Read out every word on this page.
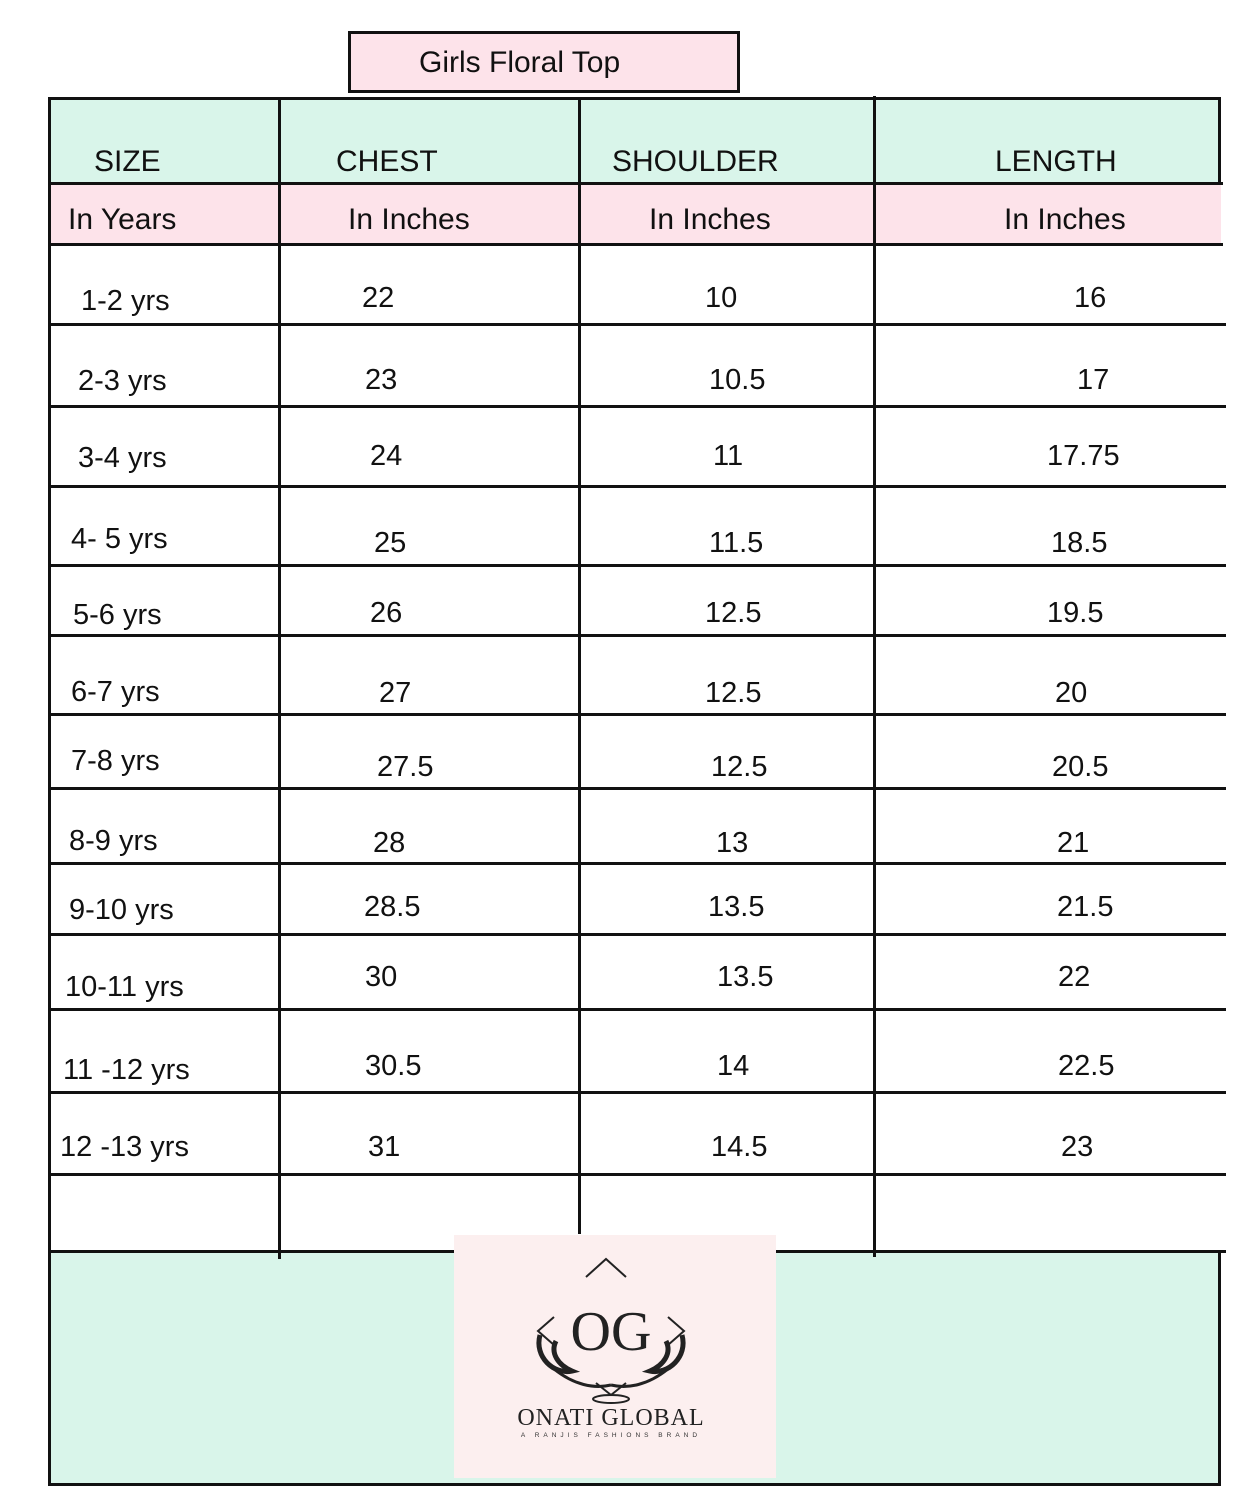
Girls Floral Top
SIZE	CHEST	SHOULDER	LENGTH
In Years	In Inches	In Inches	In Inches
1-2 yrs	22	10	16
2-3 yrs	23	10.5	17
3-4 yrs	24	11	17.75
4- 5 yrs	25	11.5	18.5
5-6 yrs	26	12.5	19.5
6-7 yrs	27	12.5	20
7-8 yrs	27.5	12.5	20.5
8-9 yrs	28	13	21
9-10 yrs	28.5	13.5	21.5
10-11 yrs	30	13.5	22
11 -12 yrs	30.5	14	22.5
12 -13 yrs	31	14.5	23
OG
ONATI GLOBAL
A RANJIS FASHIONS BRAND
